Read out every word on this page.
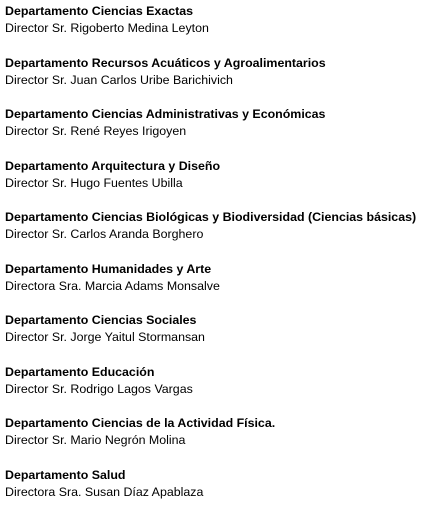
Departamento Ciencias Exactas
Director Sr. Rigoberto Medina Leyton
Departamento Recursos Acuáticos y Agroalimentarios
Director Sr. Juan Carlos Uribe Barichivich
Departamento Ciencias Administrativas y Económicas
Director Sr. René Reyes Irigoyen
Departamento Arquitectura y Diseño
Director Sr. Hugo Fuentes Ubilla
Departamento Ciencias Biológicas y Biodiversidad (Ciencias básicas)
Director Sr. Carlos Aranda Borghero
Departamento Humanidades y Arte
Directora Sra. Marcia Adams Monsalve
Departamento Ciencias Sociales
Director Sr. Jorge Yaitul Stormansan
Departamento Educación
Director Sr. Rodrigo Lagos Vargas
Departamento Ciencias de la Actividad Física.
Director Sr. Mario Negrón Molina
Departamento Salud
Directora Sra. Susan Díaz Apablaza
